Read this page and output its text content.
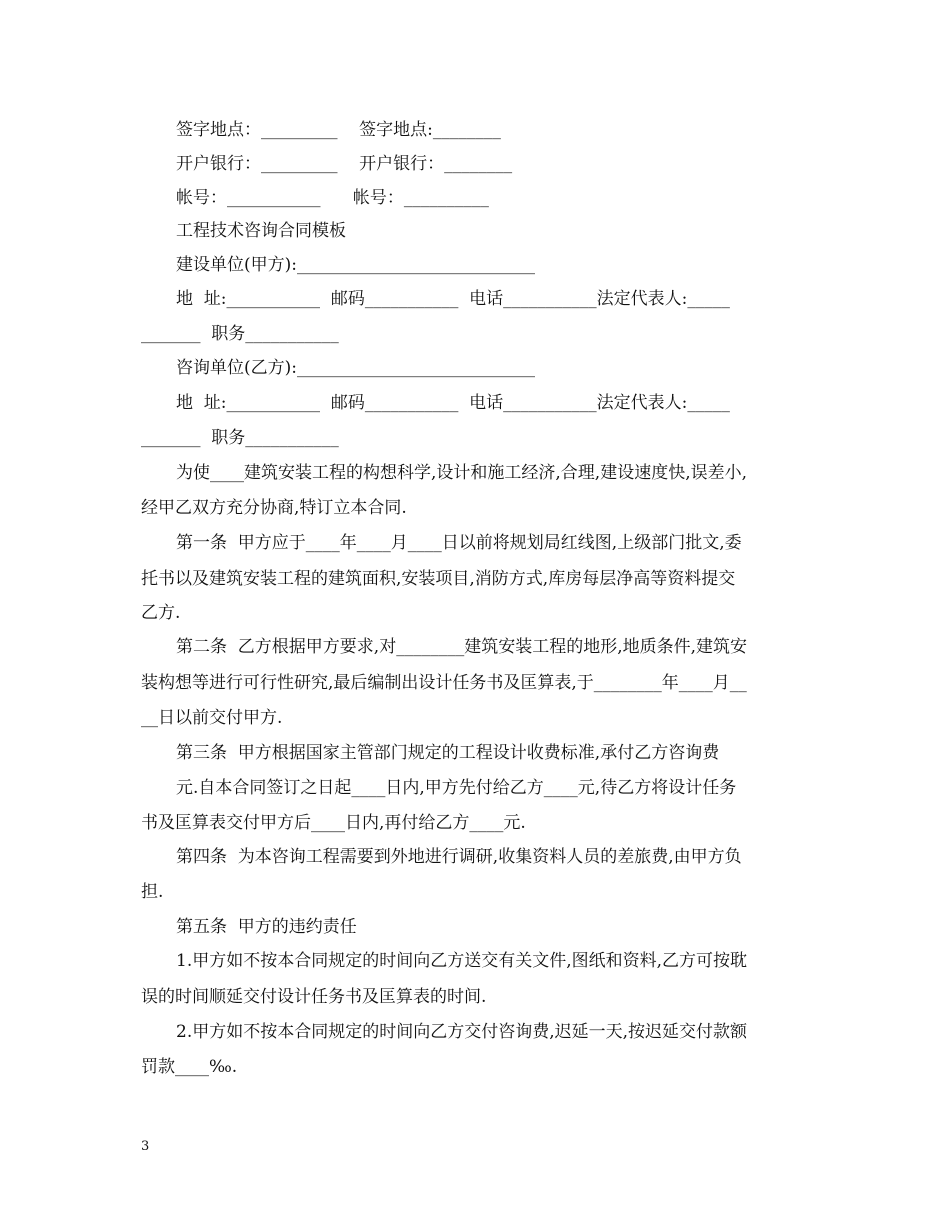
签字地点：_________    签字地点:________
开户银行：_________    开户银行：________
帐号：___________      帐号：__________
工程技术咨询合同模板
建设单位(甲方):____________________________
地  址:___________  邮码___________  电话___________法定代表人:_____
_______  职务___________
咨询单位(乙方):____________________________
地  址:___________  邮码___________  电话___________法定代表人:_____
_______  职务___________
为使____建筑安装工程的构想科学,设计和施工经济,合理,建设速度快,误差小,
经甲乙双方充分协商,特订立本合同.
第一条  甲方应于____年____月____日以前将规划局红线图,上级部门批文,委
托书以及建筑安装工程的建筑面积,安装项目,消防方式,库房每层净高等资料提交
乙方.
第二条  乙方根据甲方要求,对________建筑安装工程的地形,地质条件,建筑安
装构想等进行可行性研究,最后编制出设计任务书及匡算表,于________年____月__
__日以前交付甲方.
第三条  甲方根据国家主管部门规定的工程设计收费标准,承付乙方咨询费
元.自本合同签订之日起____日内,甲方先付给乙方____元,待乙方将设计任务
书及匡算表交付甲方后____日内,再付给乙方____元.
第四条  为本咨询工程需要到外地进行调研,收集资料人员的差旅费,由甲方负
担.
第五条  甲方的违约责任
1.甲方如不按本合同规定的时间向乙方送交有关文件,图纸和资料,乙方可按耽
误的时间顺延交付设计任务书及匡算表的时间.
2.甲方如不按本合同规定的时间向乙方交付咨询费,迟延一天,按迟延交付款额
罚款____‰.
3
